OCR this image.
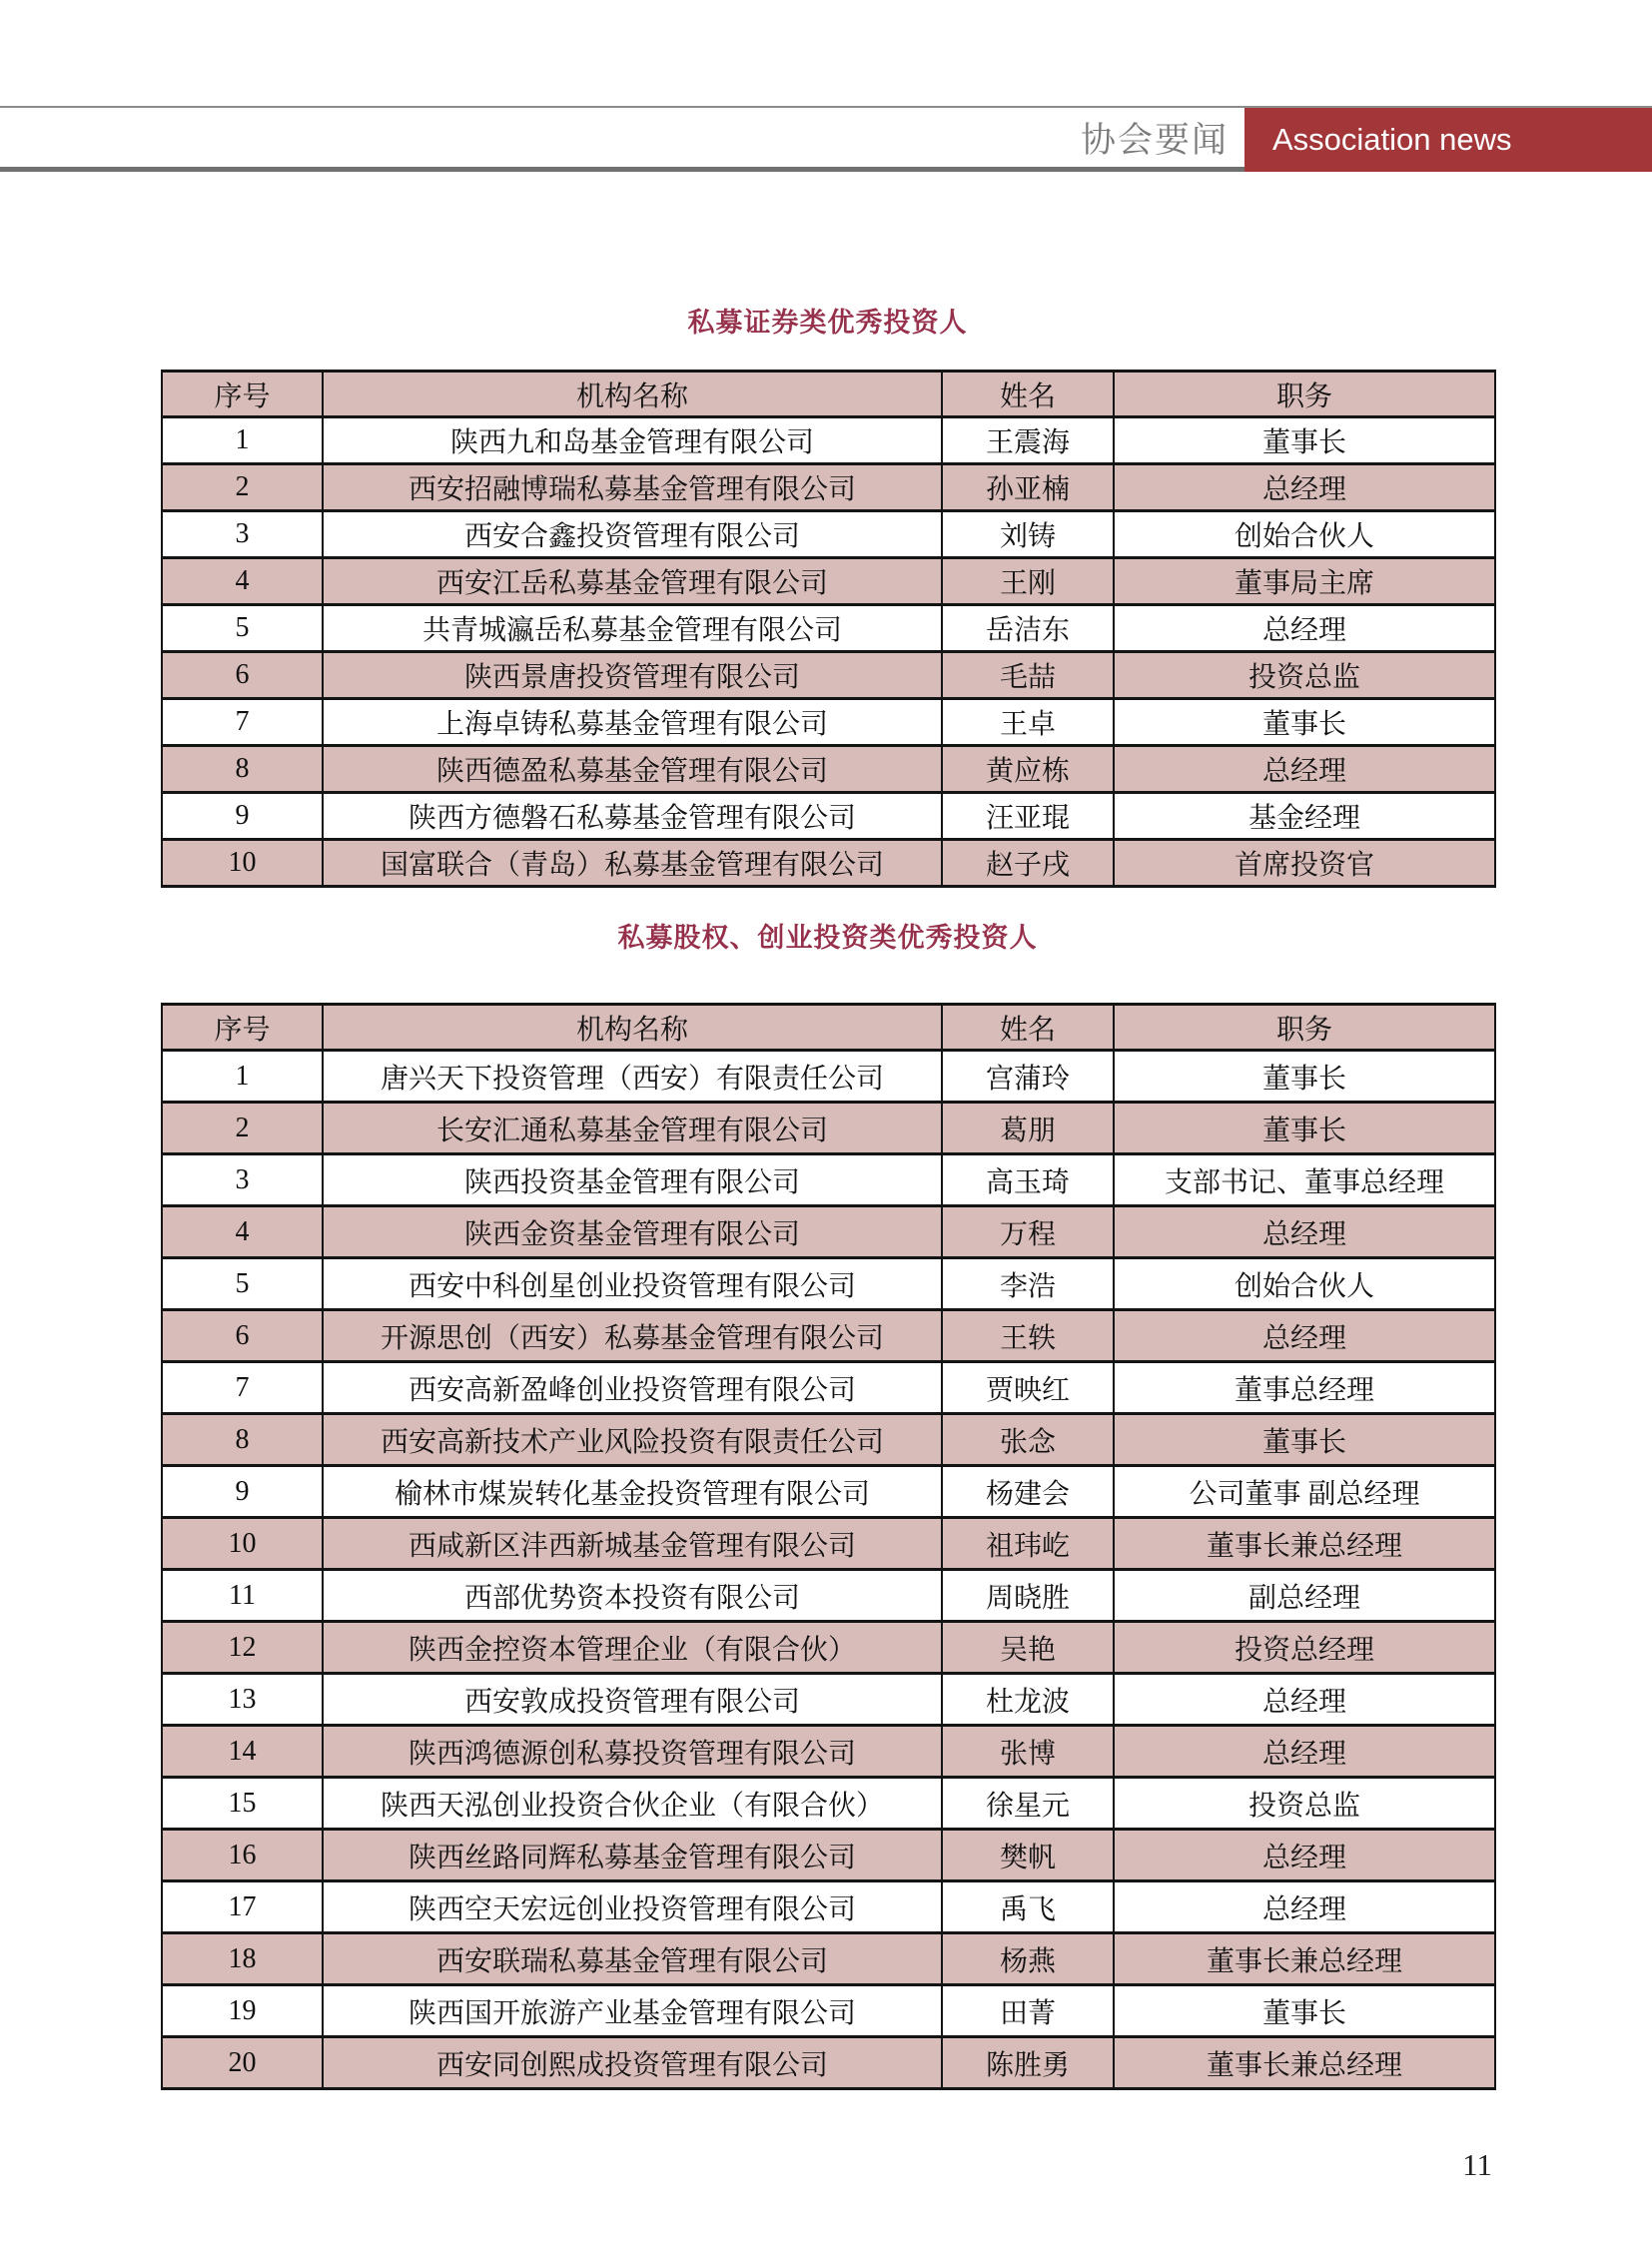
协会要闻	Association news
私募证券类优秀投资人
序号	机构名称	姓名	职务
1	陕西九和岛基金管理有限公司	王震海	董事长
2	西安招融博瑞私募基金管理有限公司	孙亚楠	总经理
3	西安合鑫投资管理有限公司	刘铸	创始合伙人
4	西安江岳私募基金管理有限公司	王刚	董事局主席
5	共青城瀛岳私募基金管理有限公司	岳洁东	总经理
6	陕西景唐投资管理有限公司	毛喆	投资总监
7	上海卓铸私募基金管理有限公司	王卓	董事长
8	陕西德盈私募基金管理有限公司	黄应栋	总经理
9	陕西方德磐石私募基金管理有限公司	汪亚琨	基金经理
10	国富联合（青岛）私募基金管理有限公司	赵子戌	首席投资官
私募股权、创业投资类优秀投资人
序号	机构名称	姓名	职务
1	唐兴天下投资管理（西安）有限责任公司	宫蒲玲	董事长
2	长安汇通私募基金管理有限公司	葛朋	董事长
3	陕西投资基金管理有限公司	高玉琦	支部书记、董事总经理
4	陕西金资基金管理有限公司	万程	总经理
5	西安中科创星创业投资管理有限公司	李浩	创始合伙人
6	开源思创（西安）私募基金管理有限公司	王轶	总经理
7	西安高新盈峰创业投资管理有限公司	贾映红	董事总经理
8	西安高新技术产业风险投资有限责任公司	张念	董事长
9	榆林市煤炭转化基金投资管理有限公司	杨建会	公司董事 副总经理
10	西咸新区沣西新城基金管理有限公司	祖玮屹	董事长兼总经理
11	西部优势资本投资有限公司	周晓胜	副总经理
12	陕西金控资本管理企业（有限合伙）	吴艳	投资总经理
13	西安敦成投资管理有限公司	杜龙波	总经理
14	陕西鸿德源创私募投资管理有限公司	张博	总经理
15	陕西天泓创业投资合伙企业（有限合伙）	徐星元	投资总监
16	陕西丝路同辉私募基金管理有限公司	樊帆	总经理
17	陕西空天宏远创业投资管理有限公司	禹飞	总经理
18	西安联瑞私募基金管理有限公司	杨燕	董事长兼总经理
19	陕西国开旅游产业基金管理有限公司	田菁	董事长
20	西安同创熙成投资管理有限公司	陈胜勇	董事长兼总经理
11
